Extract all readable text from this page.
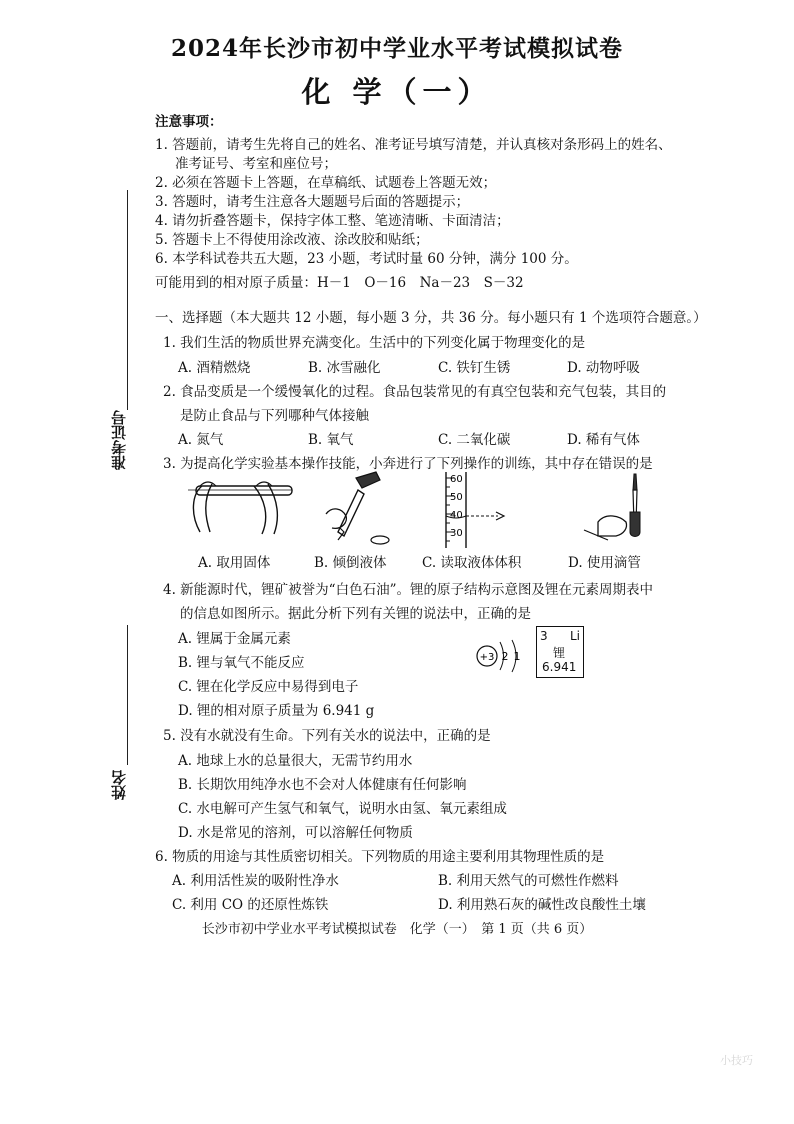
2024年长沙市初中学业水平考试模拟试卷
化 学（一）
注意事项：
1. 答题前，请考生先将自己的姓名、准考证号填写清楚，并认真核对条形码上的姓名、
准考证号、考室和座位号；
2. 必须在答题卡上答题，在草稿纸、试题卷上答题无效；
3. 答题时，请考生注意各大题题号后面的答题提示；
4. 请勿折叠答题卡，保持字体工整、笔迹清晰、卡面清洁；
5. 答题卡上不得使用涂改液、涂改胶和贴纸；
6. 本学科试卷共五大题，23 小题，考试时量 60 分钟，满分 100 分。
可能用到的相对原子质量：H－1　O－16　Na－23　S－32
准考证号
姓名
一、选择题（本大题共 12 小题，每小题 3 分，共 36 分。每小题只有 1 个选项符合题意。）
1. 我们生活的物质世界充满变化。生活中的下列变化属于物理变化的是
A. 酒精燃烧	B. 冰雪融化	C. 铁钉生锈	D. 动物呼吸
2. 食品变质是一个缓慢氧化的过程。食品包装常见的有真空包装和充气包装，其目的
是防止食品与下列哪种气体接触
A. 氮气	B. 氧气	C. 二氧化碳	D. 稀有气体
3. 为提高化学实验基本操作技能，小奔进行了下列操作的训练，其中存在错误的是
60
50
40
30
A. 取用固体	B. 倾倒液体	C. 读取液体体积	D. 使用滴管
4. 新能源时代，锂矿被誉为“白色石油”。锂的原子结构示意图及锂在元素周期表中
的信息如图所示。据此分析下列有关锂的说法中，正确的是
A. 锂属于金属元素
B. 锂与氧气不能反应
C. 锂在化学反应中易得到电子
D. 锂的相对原子质量为 6.941 g
+3 2 1
3 Li
锂
6.941
5. 没有水就没有生命。下列有关水的说法中，正确的是
A. 地球上水的总量很大，无需节约用水
B. 长期饮用纯净水也不会对人体健康有任何影响
C. 水电解可产生氢气和氧气，说明水由氢、氧元素组成
D. 水是常见的溶剂，可以溶解任何物质
6. 物质的用途与其性质密切相关。下列物质的用途主要利用其物理性质的是
A. 利用活性炭的吸附性净水	B. 利用天然气的可燃性作燃料
C. 利用 CO 的还原性炼铁	D. 利用熟石灰的碱性改良酸性土壤
长沙市初中学业水平考试模拟试卷　化学（一）　第 1 页（共 6 页）
小技巧
